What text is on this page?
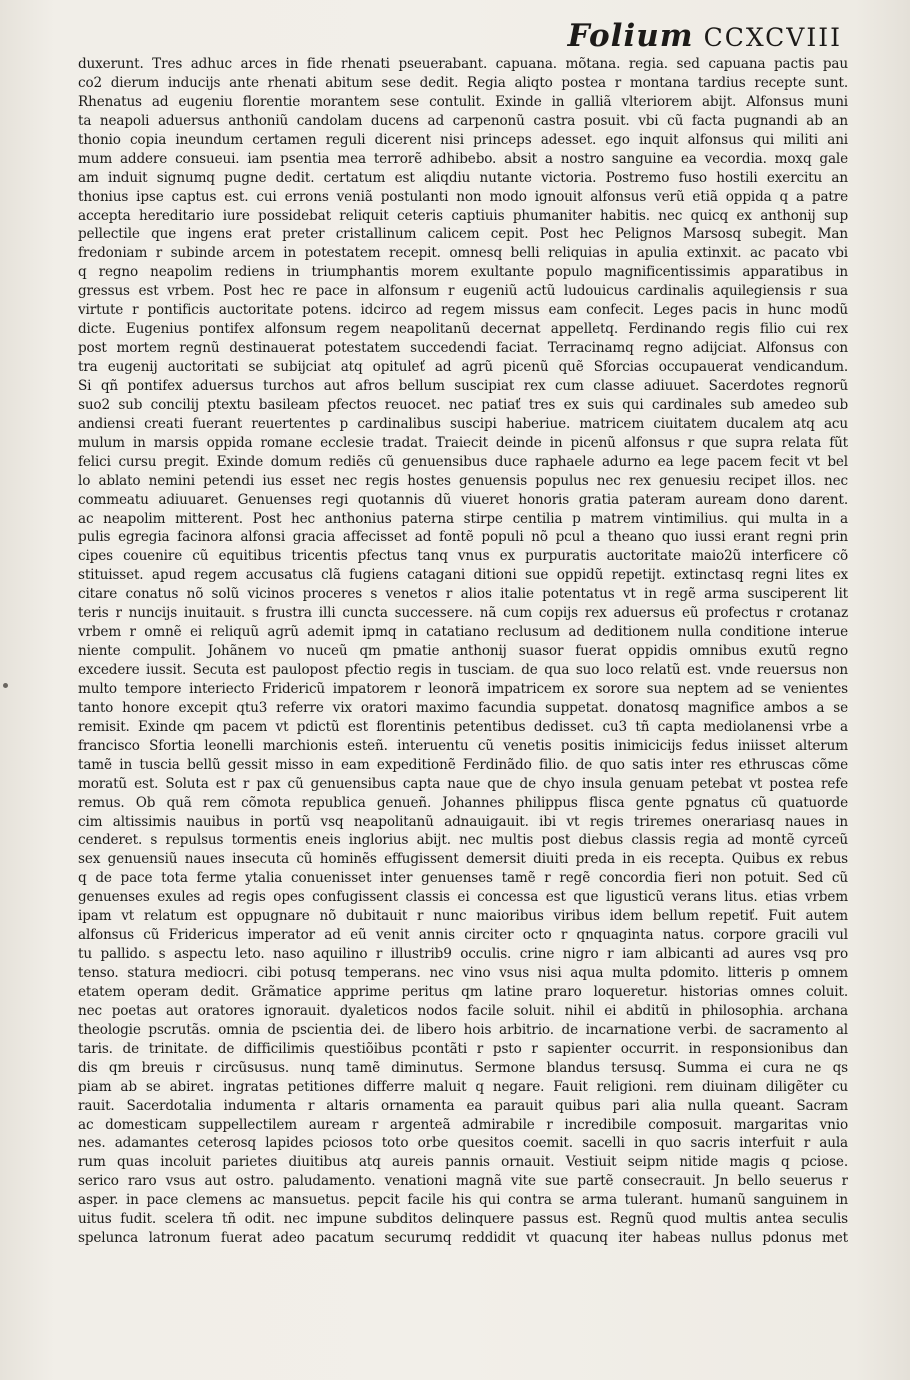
Folium CCXCVIII
duxerunt. Tres adhuc arces in fide rhenati pseuerabant. capuana. mõtana. regia. sed capuana pactis pau
co2 dierum inducijs ante rhenati abitum sese dedit. Regia aliqto postea r montana tardius recepte sunt.
Rhenatus ad eugeniu florentie morantem sese contulit. Exinde in galliã vlteriorem abijt. Alfonsus muni
ta neapoli aduersus anthoniũ candolam ducens ad carpenonũ castra posuit. vbi cũ facta pugnandi ab an
thonio copia ineundum certamen reguli dicerent nisi princeps adesset. ego inquit alfonsus qui militi ani
mum addere consueui. iam psentia mea terrorẽ adhibebo. absit a nostro sanguine ea vecordia. moxq gale
am induit signumq pugne dedit. certatum est aliqdiu nutante victoria. Postremo fuso hostili exercitu an
thonius ipse captus est. cui errons veniã postulanti non modo ignouit alfonsus verũ etiã oppida q a patre
accepta hereditario iure possidebat reliquit ceteris captiuis phumaniter habitis. nec quicq ex anthonij sup
pellectile que ingens erat preter cristallinum calicem cepit. Post hec Pelignos Marsosq subegit. Man
fredoniam r subinde arcem in potestatem recepit. omnesq belli reliquias in apulia extinxit. ac pacato vbi
q regno neapolim rediens in triumphantis morem exultante populo magnificentissimis apparatibus in
gressus est vrbem. Post hec re pace in alfonsum r eugeniũ actũ ludouicus cardinalis aquilegiensis r sua
virtute r pontificis auctoritate potens. idcirco ad regem missus eam confecit. Leges pacis in hunc modũ
dicte. Eugenius pontifex alfonsum regem neapolitanũ decernat appelletq. Ferdinando regis filio cui rex
post mortem regnũ destinauerat potestatem succedendi faciat. Terracinamq regno adijciat. Alfonsus con
tra eugenij auctoritati se subijciat atq opituleť ad agrũ picenũ quẽ Sforcias occupauerat vendicandum.
Si qñ pontifex aduersus turchos aut afros bellum suscipiat rex cum classe adiuuet. Sacerdotes regnorũ
suo2 sub concilij ptextu basileam pfectos reuocet. nec patiať tres ex suis qui cardinales sub amedeo sub
andiensi creati fuerant reuertentes p cardinalibus suscipi haberiue. matricem ciuitatem ducalem atq acu
mulum in marsis oppida romane ecclesie tradat. Traiecit deinde in picenũ alfonsus r que supra relata fũt
felici cursu pregit. Exinde domum rediẽs cũ genuensibus duce raphaele adurno ea lege pacem fecit vt bel
lo ablato nemini petendi ius esset nec regis hostes genuensis populus nec rex genuesiu recipet illos. nec
commeatu adiuuaret. Genuenses regi quotannis dũ viueret honoris gratia pateram auream dono darent.
ac neapolim mitterent. Post hec anthonius paterna stirpe centilia p matrem vintimilius. qui multa in a
pulis egregia facinora alfonsi gracia affecisset ad fontẽ populi nõ pcul a theano quo iussi erant regni prin
cipes couenire cũ equitibus tricentis pfectus tanq vnus ex purpuratis auctoritate maio2ũ interficere cõ
stituisset. apud regem accusatus clã fugiens catagani ditioni sue oppidũ repetijt. extinctasq regni lites ex
citare conatus nõ solũ vicinos proceres s venetos r alios italie potentatus vt in regẽ arma susciperent lit
teris r nuncijs inuitauit. s frustra illi cuncta successere. nã cum copijs rex aduersus eũ profectus r crotanaz
vrbem r omnẽ ei reliquũ agrũ ademit ipmq in catatiano reclusum ad deditionem nulla conditione interue
niente compulit. Johãnem vo nuceũ qm pmatie anthonij suasor fuerat oppidis omnibus exutũ regno
excedere iussit. Secuta est paulopost pfectio regis in tusciam. de qua suo loco relatũ est. vnde reuersus non
multo tempore interiecto Fridericũ impatorem r leonorã impatricem ex sorore sua neptem ad se venientes
tanto honore excepit qtu3 referre vix oratori maximo facundia suppetat. donatosq magnifice ambos a se
remisit. Exinde qm pacem vt pdictũ est florentinis petentibus dedisset. cu3 tñ capta mediolanensi vrbe a
francisco Sfortia leonelli marchionis esteñ. interuentu cũ venetis positis inimicicijs fedus iniisset alterum
tamẽ in tuscia bellũ gessit misso in eam expeditionẽ Ferdinãdo filio. de quo satis inter res ethruscas cõme
moratũ est. Soluta est r pax cũ genuensibus capta naue que de chyo insula genuam petebat vt postea refe
remus. Ob quã rem cõmota republica genueñ. Johannes philippus flisca gente pgnatus cũ quatuorde
cim altissimis nauibus in portũ vsq neapolitanũ adnauigauit. ibi vt regis triremes onerariasq naues in
cenderet. s repulsus tormentis eneis inglorius abijt. nec multis post diebus classis regia ad montẽ cyrceũ
sex genuensiũ naues insecuta cũ hominẽs effugissent demersit diuiti preda in eis recepta. Quibus ex rebus
q de pace tota ferme ytalia conuenisset inter genuenses tamẽ r regẽ concordia fieri non potuit. Sed cũ
genuenses exules ad regis opes confugissent classis ei concessa est que ligusticũ verans litus. etias vrbem
ipam vt relatum est oppugnare nõ dubitauit r nunc maioribus viribus idem bellum repetiť. Fuit autem
alfonsus cũ Fridericus imperator ad eũ venit annis circiter octo r qnquaginta natus. corpore gracili vul
tu pallido. s aspectu leto. naso aquilino r illustrib9 occulis. crine nigro r iam albicanti ad aures vsq pro
tenso. statura mediocri. cibi potusq temperans. nec vino vsus nisi aqua multa pdomito. litteris p omnem
etatem operam dedit. Grãmatice apprime peritus qm latine praro loqueretur. historias omnes coluit.
nec poetas aut oratores ignorauit. dyaleticos nodos facile soluit. nihil ei abditũ in philosophia. archana
theologie pscrutãs. omnia de pscientia dei. de libero hois arbitrio. de incarnatione verbi. de sacramento al
taris. de trinitate. de difficilimis questiõibus pcontãti r psto r sapienter occurrit. in responsionibus dan
dis qm breuis r circũsusus. nunq tamẽ diminutus. Sermone blandus tersusq. Summa ei cura ne qs
piam ab se abiret. ingratas petitiones differre maluit q negare. Fauit religioni. rem diuinam diligẽter cu
rauit. Sacerdotalia indumenta r altaris ornamenta ea parauit quibus pari alia nulla queant. Sacram
ac domesticam suppellectilem auream r argenteã admirabile r incredibile composuit. margaritas vnio
nes. adamantes ceterosq lapides pciosos toto orbe quesitos coemit. sacelli in quo sacris interfuit r aula
rum quas incoluit parietes diuitibus atq aureis pannis ornauit. Vestiuit seipm nitide magis q pciose.
serico raro vsus aut ostro. paludamento. venationi magnã vite sue partẽ consecrauit. Jn bello seuerus r
asper. in pace clemens ac mansuetus. pepcit facile his qui contra se arma tulerant. humanũ sanguinem in
uitus fudit. scelera tñ odit. nec impune subditos delinquere passus est. Regnũ quod multis antea seculis
spelunca latronum fuerat adeo pacatum securumq reddidit vt quacunq iter habeas nullus pdonus met
